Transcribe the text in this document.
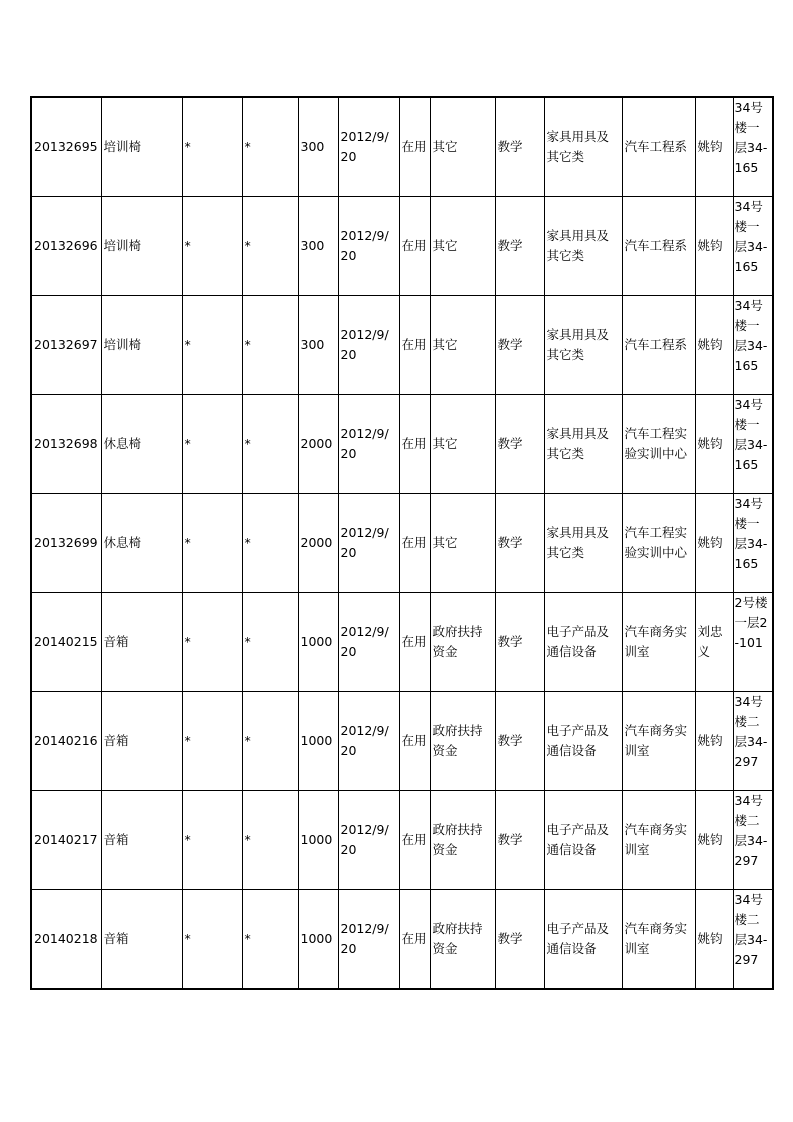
20132695	培训椅	*	*	300	2012/9/20	在用	其它	教学	家具用具及其它类	汽车工程系	姚钧	34号楼一层34-165
20132696	培训椅	*	*	300	2012/9/20	在用	其它	教学	家具用具及其它类	汽车工程系	姚钧	34号楼一层34-165
20132697	培训椅	*	*	300	2012/9/20	在用	其它	教学	家具用具及其它类	汽车工程系	姚钧	34号楼一层34-165
20132698	休息椅	*	*	2000	2012/9/20	在用	其它	教学	家具用具及其它类	汽车工程实验实训中心	姚钧	34号楼一层34-165
20132699	休息椅	*	*	2000	2012/9/20	在用	其它	教学	家具用具及其它类	汽车工程实验实训中心	姚钧	34号楼一层34-165
20140215	音箱	*	*	1000	2012/9/20	在用	政府扶持资金	教学	电子产品及通信设备	汽车商务实训室	刘忠义	2号楼一层2-101
20140216	音箱	*	*	1000	2012/9/20	在用	政府扶持资金	教学	电子产品及通信设备	汽车商务实训室	姚钧	34号楼二层34-297
20140217	音箱	*	*	1000	2012/9/20	在用	政府扶持资金	教学	电子产品及通信设备	汽车商务实训室	姚钧	34号楼二层34-297
20140218	音箱	*	*	1000	2012/9/20	在用	政府扶持资金	教学	电子产品及通信设备	汽车商务实训室	姚钧	34号楼二层34-297
